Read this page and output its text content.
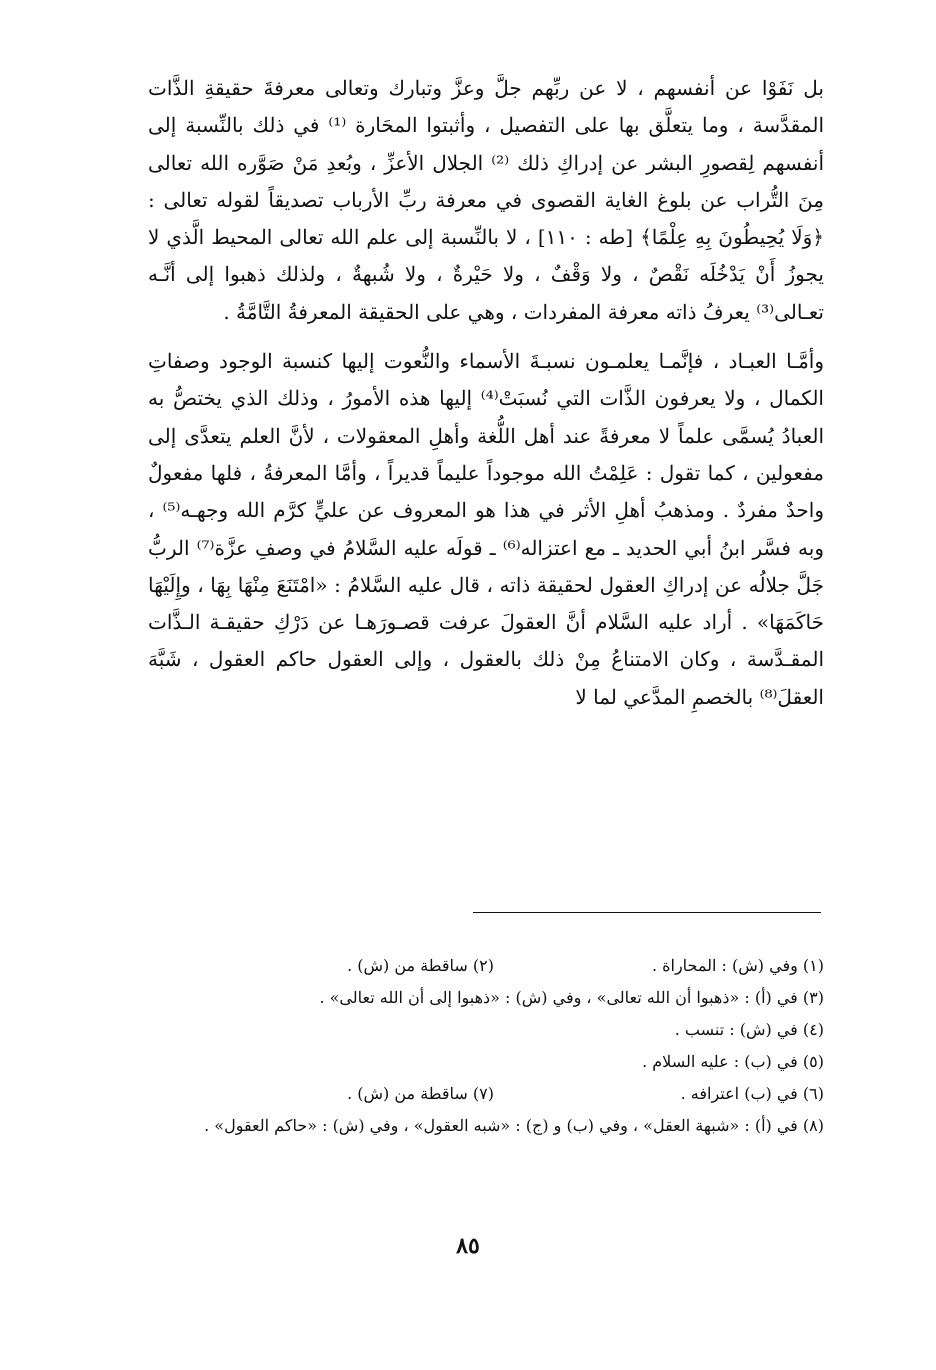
بل نَفَوْا عن أنفسهم ، لا عن ربِّهم جلَّ وعزَّ وتبارك وتعالى معرفةَ حقيقةِ الذَّات المقدَّسة ، وما يتعلَّق بها على التفصيل ، وأثبتوا المحَارة ⁽¹⁾ في ذلك بالنِّسبة إلى أنفسهم لِقصورِ البشر عن إدراكِ ذلك ⁽²⁾ الجلال الأعزِّ ، وبُعدِ مَنْ صَوَّره الله تعالى مِنَ التُّراب عن بلوغ الغاية القصوى في معرفة ربِّ الأرباب تصديقاً لقوله تعالى : ﴿وَلَا يُحِيطُونَ بِهِ عِلْمًا﴾ [طه : ١١٠] ، لا بالنِّسبة إلى علم الله تعالى المحيط الَّذي لا يجوزُ أَنْ يَدْخُلَه نَقْصٌ ، ولا وَقْفٌ ، ولا حَيْرةٌ ، ولا شُبهةٌ ، ولذلك ذهبوا إلى أنَّـه تعـالى⁽³⁾ يعرفُ ذاته معرفة المفردات ، وهي على الحقيقة المعرفةُ التَّامَّةُ .

وأمَّـا العبـاد ، فإنَّمـا يعلمـون نسبـةَ الأسماء والنُّعوت إليها كنسبة الوجود وصفاتِ الكمال ، ولا يعرفون الذَّات التي نُسبَتْ⁽⁴⁾ إليها هذه الأمورُ ، وذلك الذي يختصُّ به العبادُ يُسمَّى علماً لا معرفةً عند أهل اللُّغة وأهلِ المعقولات ، لأنَّ العلم يتعدَّى إلى مفعولين ، كما تقول : عَلِمْتُ الله موجوداً عليماً قديراً ، وأمَّا المعرفةُ ، فلها مفعولٌ واحدٌ مفردٌ . ومذهبُ أهلِ الأثر في هذا هو المعروف عن عليٍّ كرَّم الله وجهـه⁽⁵⁾ ، وبه فسَّر ابنُ أبي الحديد ـ مع اعتزاله⁽⁶⁾ ـ قولَه عليه السَّلامُ في وصفِ عزَّة⁽⁷⁾ الربُّ جَلَّ جلالُه عن إدراكِ العقول لحقيقة ذاته ، قال عليه السَّلامُ : «امْتَنَعَ مِنْهَا بِهَا ، وإِلَيْهَا حَاكَمَهَا» . أراد عليه السَّلام أنَّ العقولَ عرفت قصـورَهـا عن دَرْكِ حقيقـة الـذَّات المقـدَّسة ، وكان الامتناعُ مِنْ ذلك بالعقول ، وإلى العقول حاكم العقول ، شَبَّهَ العقلَ⁽⁸⁾ بالخصمِ المدَّعي لما لا

(١) وفي (ش) : المحاراة .
(٢) ساقطة من (ش) .
(٣) في (أ) : «ذهبوا أن الله تعالى» ، وفي (ش) : «ذهبوا إلى أن الله تعالى» .
(٤) في (ش) : تنسب .
(٥) في (ب) : عليه السلام .
(٦) في (ب) اعترافه .
(٧) ساقطة من (ش) .
(٨) في (أ) : «شبهة العقل» ، وفي (ب) و (ج) : «شبه العقول» ، وفي (ش) : «حاكم العقول» .
٨٥
